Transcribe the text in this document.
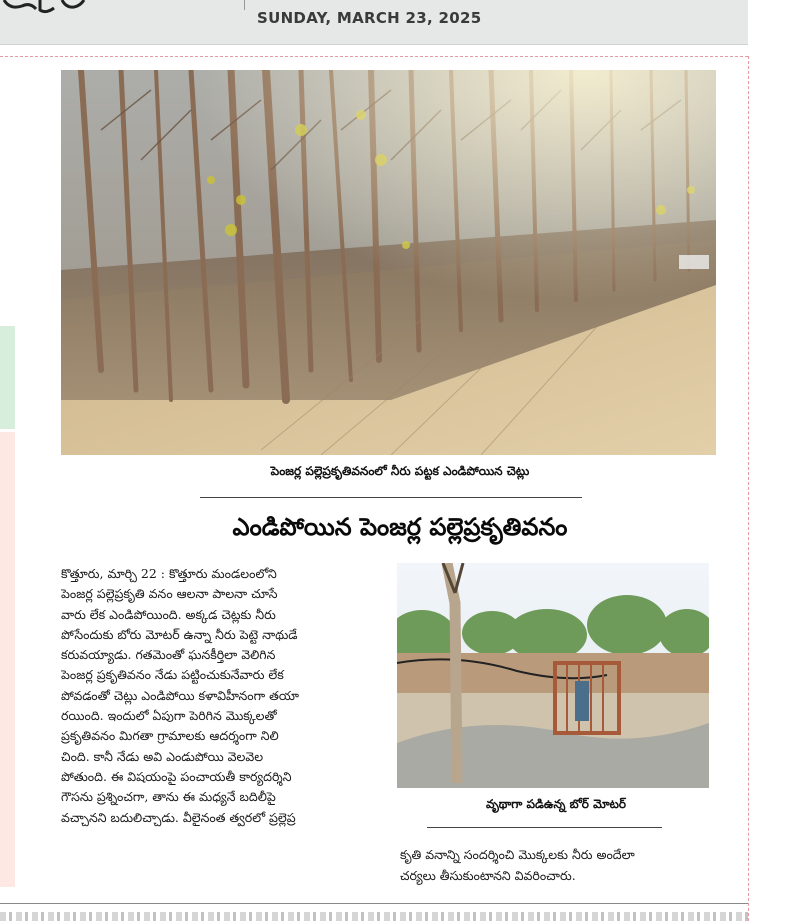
SUNDAY, MARCH 23, 2025
పెంజర్ల పల్లెప్రకృతివనంలో నీరు పట్టక ఎండిపోయిన చెట్లు
ఎండిపోయిన పెంజర్ల పల్లెప్రకృతివనం
కొత్తూరు, మార్చి 22 : కొత్తూరు మండలంలోని
పెంజర్ల పల్లెప్రకృతి వనం ఆలనా పాలనా చూసే
వారు లేక ఎండిపోయింది. అక్కడ చెట్లకు నీరు
పోసేందుకు బోరు మోటర్ ఉన్నా నీరు పెట్టె నాథుడే
కరువయ్యాడు. గతమెంతో ఘనకీర్తిలా వెలిగిన
పెంజర్ల ప్రకృతివనం నేడు పట్టించుకునేవారు లేక
పోవడంతో చెట్లు ఎండిపోయి కళావిహీనంగా తయా
రయింది. ఇందులో ఏపుగా పెరిగిన మొక్కలతో
ప్రకృతివనం మిగతా గ్రామాలకు ఆదర్శంగా నిలి
చింది. కానీ నేడు అవి ఎండుపోయి వెలవెల
పోతుంది. ఈ విషయంపై పంచాయతీ కార్యదర్శిని
గౌసను ప్రశ్నించగా, తాను ఈ మధ్యనే బదిలీపై
వచ్చానని బదులిచ్చాడు. వీలైనంత త్వరలో ప్రల్లెప్ర
వృథాగా పడిఉన్న బోర్ మోటర్
కృతి వనాన్ని సందర్శించి మొక్కలకు నీరు అందేలా
చర్యలు తీసుకుంటానని వివరించారు.
